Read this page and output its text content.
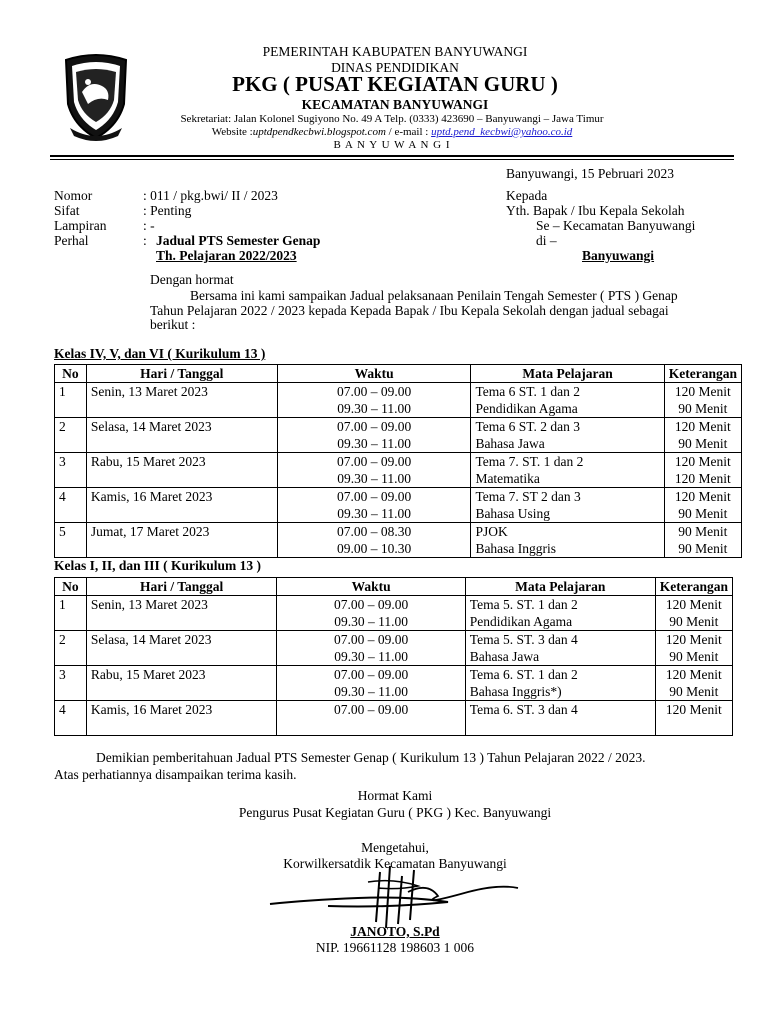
PEMERINTAH KABUPATEN BANYUWANGI
DINAS PENDIDIKAN
PKG ( PUSAT KEGIATAN GURU )
KECAMATAN BANYUWANGI
Sekretariat: Jalan Kolonel Sugiyono No. 49 A Telp. (0333) 423690 – Banyuwangi – Jawa Timur
Website :uptdpendkecbwi.blogspot.com / e-mail : uptd.pend_kecbwi@yahoo.co.id
B A N Y U W A N G I
Banyuwangi, 15 Pebruari 2023
Nomor	: 011 / pkg.bwi/ II / 2023
Sifat	: Penting
Lampiran	: -
Perhal	: Jadual PTS Semester Genap
Th. Pelajaran 2022/2023
Kepada
Yth. Bapak / Ibu Kepala Sekolah
Se – Kecamatan Banyuwangi
di –
Banyuwangi
Dengan hormat
Bersama ini kami sampaikan Jadual pelaksanaan Penilain Tengah Semester ( PTS ) Genap
Tahun Pelajaran 2022 / 2023 kepada Kepada Bapak / Ibu Kepala Sekolah dengan jadual sebagai
berikut :
Kelas IV, V, dan VI ( Kurikulum 13 )
No	Hari / Tanggal	Waktu	Mata Pelajaran	Keterangan
1	Senin, 13 Maret 2023	07.00 – 09.00	Tema 6 ST. 1 dan 2	120 Menit
		09.30 – 11.00	Pendidikan Agama	90 Menit
2	Selasa, 14 Maret 2023	07.00 – 09.00	Tema 6 ST. 2 dan 3	120 Menit
		09.30 – 11.00	Bahasa Jawa	90 Menit
3	Rabu, 15 Maret 2023	07.00 – 09.00	Tema 7. ST. 1 dan 2	120 Menit
		09.30 – 11.00	Matematika	120 Menit
4	Kamis, 16 Maret 2023	07.00 – 09.00	Tema 7. ST 2 dan 3	120 Menit
		09.30 – 11.00	Bahasa Using	90 Menit
5	Jumat, 17 Maret 2023	07.00 – 08.30	PJOK	90 Menit
		09.00 – 10.30	Bahasa Inggris	90 Menit
Kelas I, II, dan III ( Kurikulum 13 )
No	Hari / Tanggal	Waktu	Mata Pelajaran	Keterangan
1	Senin, 13 Maret 2023	07.00 – 09.00	Tema 5. ST. 1 dan 2	120 Menit
		09.30 – 11.00	Pendidikan Agama	90 Menit
2	Selasa, 14 Maret 2023	07.00 – 09.00	Tema 5. ST. 3 dan 4	120 Menit
		09.30 – 11.00	Bahasa Jawa	90 Menit
3	Rabu, 15 Maret 2023	07.00 – 09.00	Tema 6. ST. 1 dan 2	120 Menit
		09.30 – 11.00	Bahasa Inggris*)	90 Menit
4	Kamis, 16 Maret 2023	07.00 – 09.00	Tema 6. ST. 3 dan 4	120 Menit

Demikian pemberitahuan Jadual PTS Semester Genap ( Kurikulum 13 ) Tahun Pelajaran 2022 / 2023.
Atas perhatiannya disampaikan terima kasih.
Hormat Kami
Pengurus Pusat Kegiatan Guru ( PKG ) Kec. Banyuwangi
Mengetahui,
Korwilkersatdik Kecamatan Banyuwangi
JANOTO, S.Pd
NIP. 19661128 198603 1 006
